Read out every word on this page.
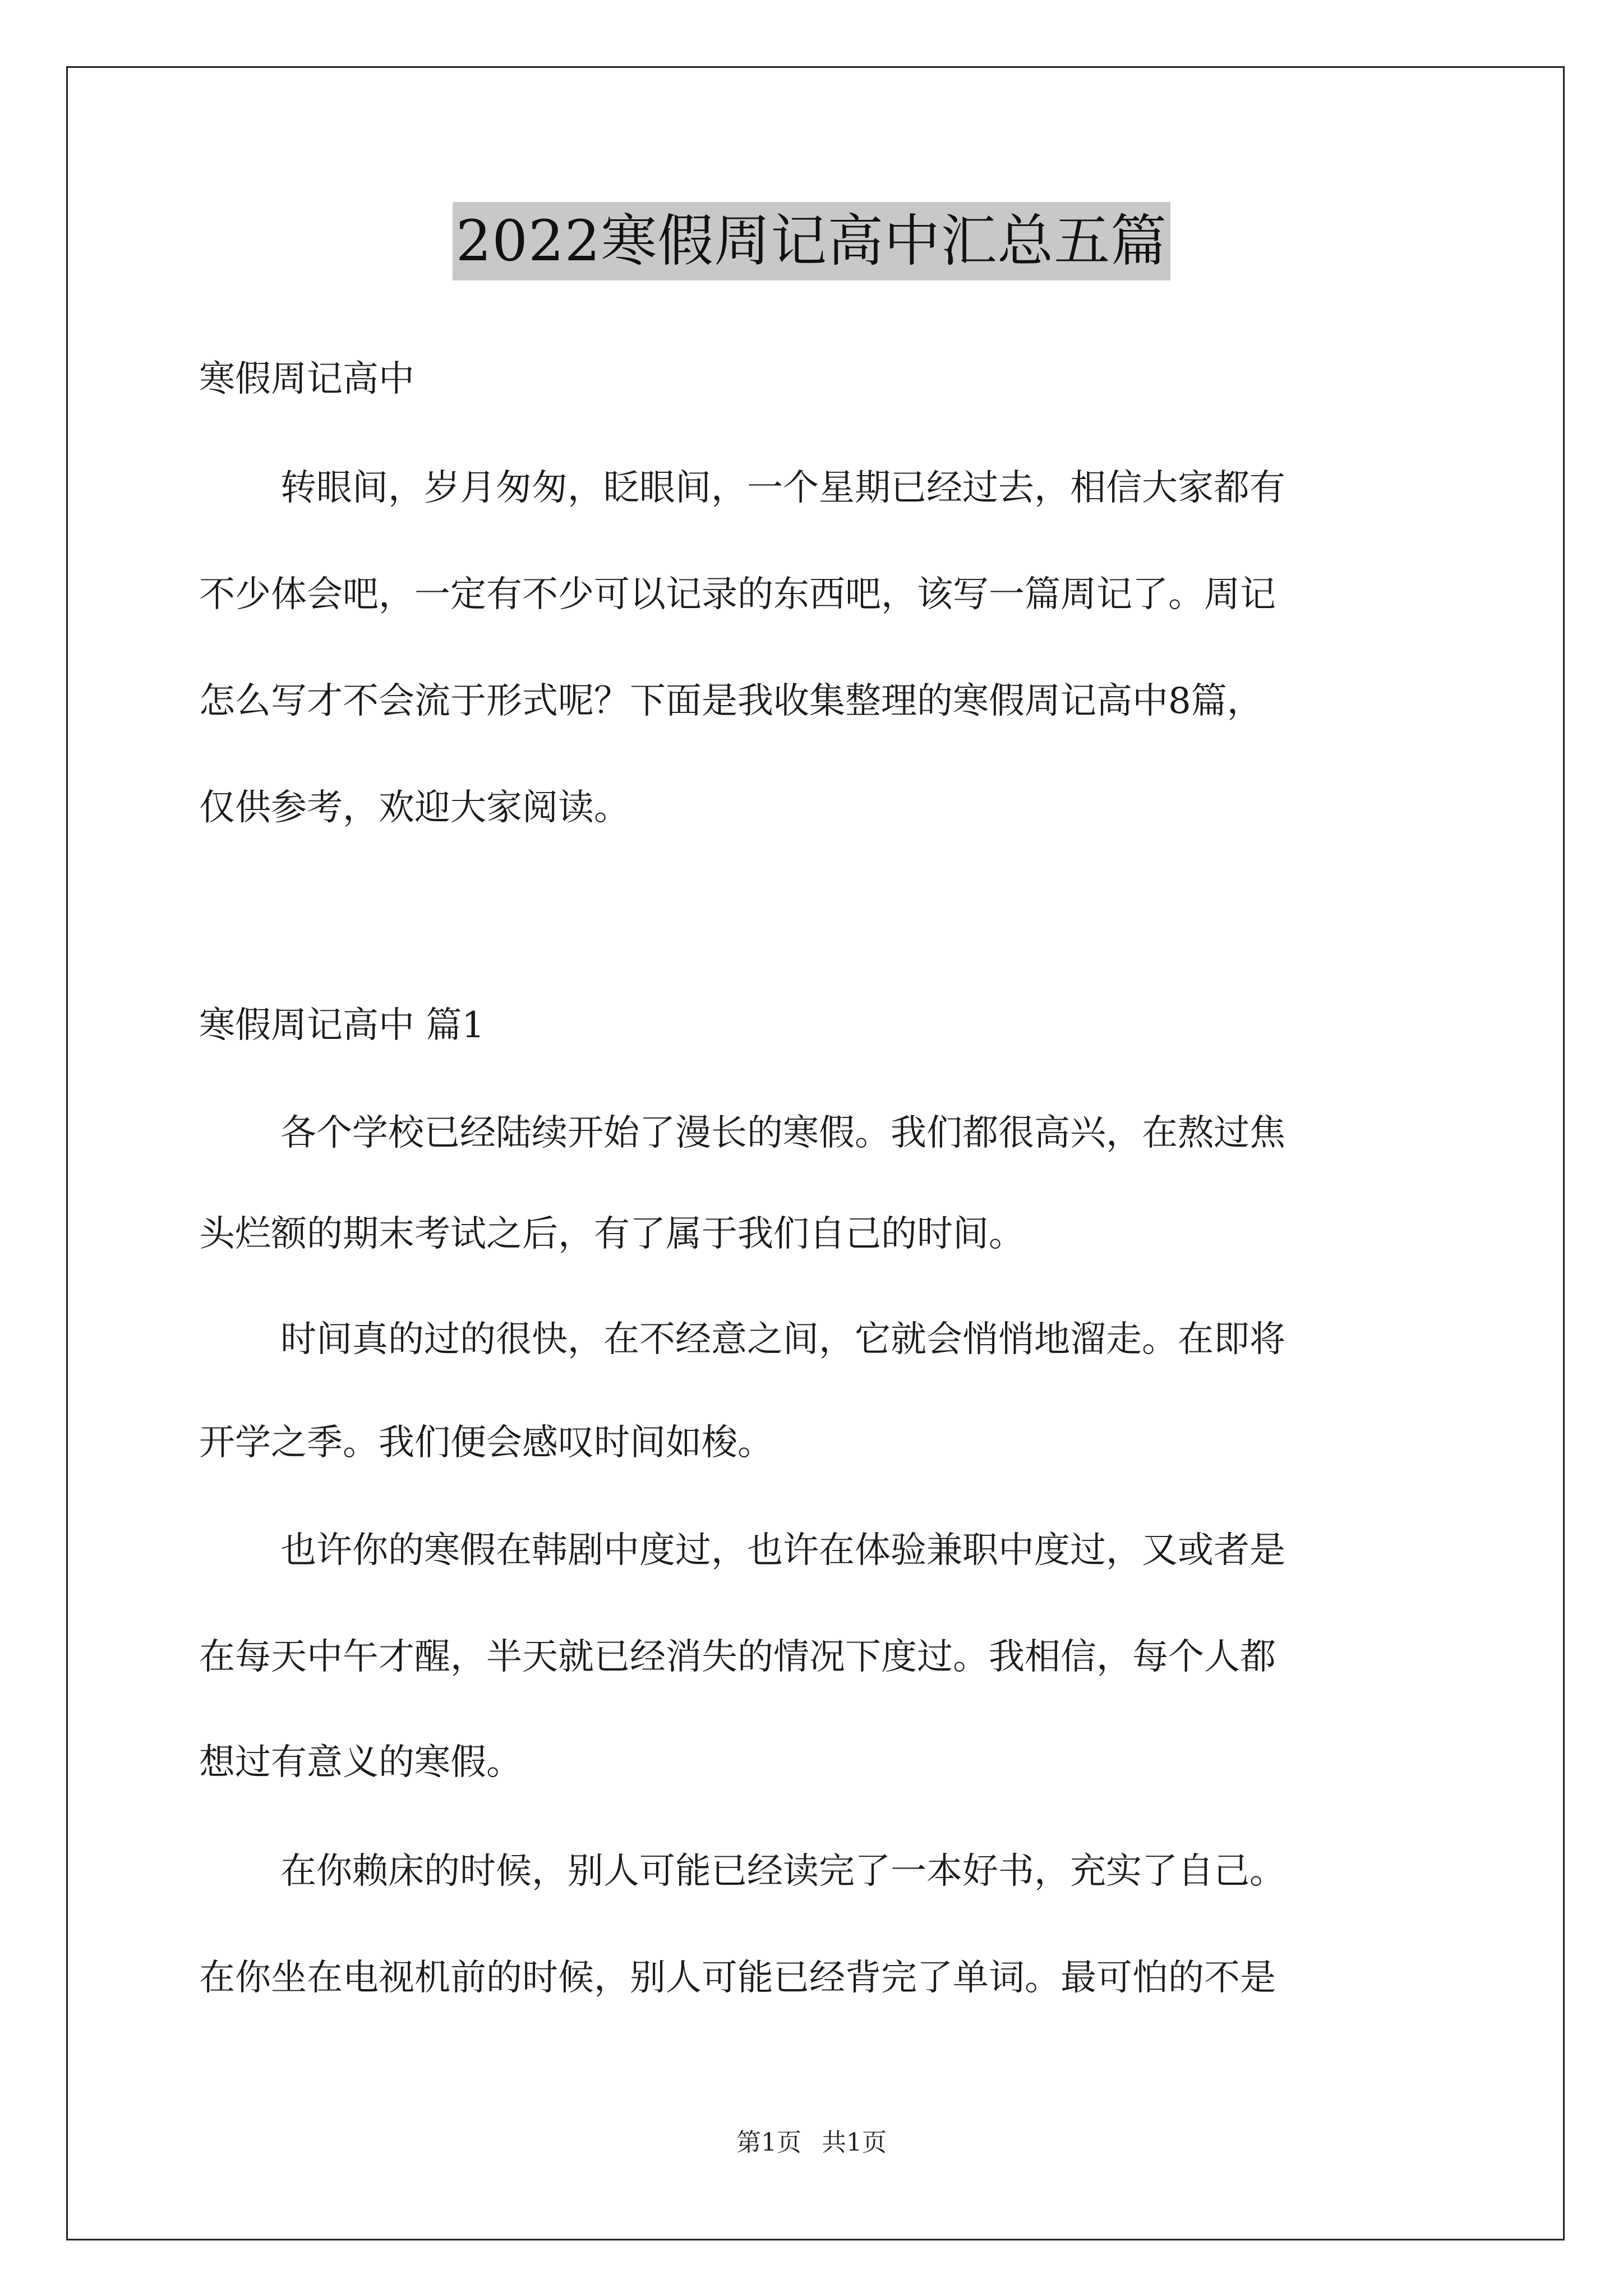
2022寒假周记高中汇总五篇

寒假周记高中

转眼间，岁月匆匆，眨眼间，一个星期已经过去，相信大家都有

不少体会吧，一定有不少可以记录的东西吧，该写一篇周记了。周记

怎么写才不会流于形式呢？下面是我收集整理的寒假周记高中8篇，

仅供参考，欢迎大家阅读。

寒假周记高中 篇1

各个学校已经陆续开始了漫长的寒假。我们都很高兴，在熬过焦

头烂额的期末考试之后，有了属于我们自己的时间。

时间真的过的很快，在不经意之间，它就会悄悄地溜走。在即将

开学之季。我们便会感叹时间如梭。

也许你的寒假在韩剧中度过，也许在体验兼职中度过，又或者是

在每天中午才醒，半天就已经消失的情况下度过。我相信，每个人都

想过有意义的寒假。

在你赖床的时候，别人可能已经读完了一本好书，充实了自己。

在你坐在电视机前的时候，别人可能已经背完了单词。最可怕的不是

第1页 共1页
